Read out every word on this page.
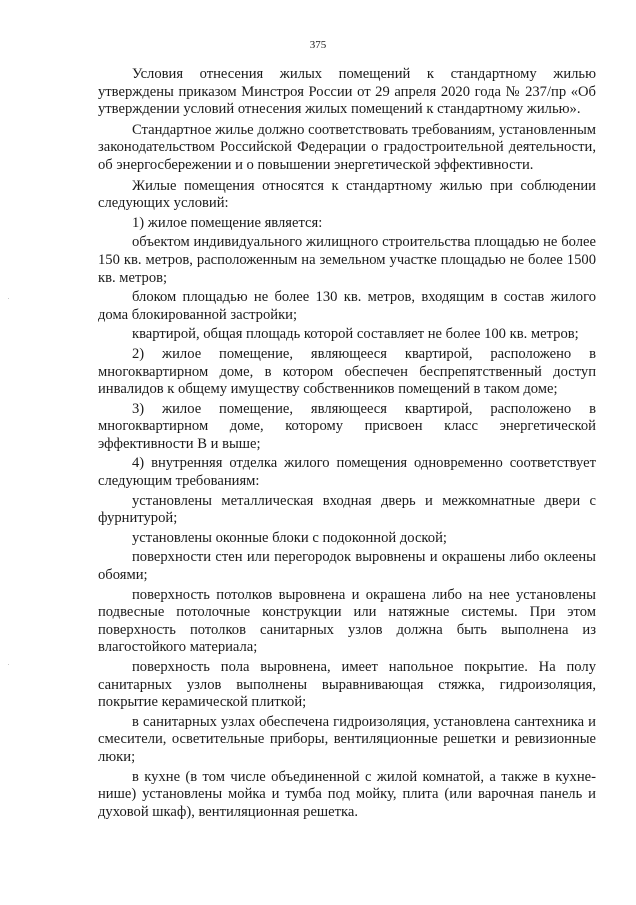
375

Условия отнесения жилых помещений к стандартному жилью утверждены приказом Минстроя России от 29 апреля 2020 года № 237/пр «Об утверждении условий отнесения жилых помещений к стандартному жилью».

Стандартное жилье должно соответствовать требованиям, установленным законодательством Российской Федерации о градостроительной деятельности, об энергосбережении и о повышении энергетической эффективности.

Жилые помещения относятся к стандартному жилью при соблюдении следующих условий:

1) жилое помещение является:

объектом индивидуального жилищного строительства площадью не более 150 кв. метров, расположенным на земельном участке площадью не более 1500 кв. метров;

блоком площадью не более 130 кв. метров, входящим в состав жилого дома блокированной застройки;

квартирой, общая площадь которой составляет не более 100 кв. метров;

2) жилое помещение, являющееся квартирой, расположено в многоквартирном доме, в котором обеспечен беспрепятственный доступ инвалидов к общему имуществу собственников помещений в таком доме;

3) жилое помещение, являющееся квартирой, расположено в многоквартирном доме, которому присвоен класс энергетической эффективности В и выше;

4) внутренняя отделка жилого помещения одновременно соответствует следующим требованиям:

установлены металлическая входная дверь и межкомнатные двери с фурнитурой;

установлены оконные блоки с подоконной доской;

поверхности стен или перегородок выровнены и окрашены либо оклеены обоями;

поверхность потолков выровнена и окрашена либо на нее установлены подвесные потолочные конструкции или натяжные системы. При этом поверхность потолков санитарных узлов должна быть выполнена из влагостойкого материала;

поверхность пола выровнена, имеет напольное покрытие. На полу санитарных узлов выполнены выравнивающая стяжка, гидроизоляция, покрытие керамической плиткой;

в санитарных узлах обеспечена гидроизоляция, установлена сантехника и смесители, осветительные приборы, вентиляционные решетки и ревизионные люки;

в кухне (в том числе объединенной с жилой комнатой, а также в кухне-нише) установлены мойка и тумба под мойку, плита (или варочная панель и духовой шкаф), вентиляционная решетка.
